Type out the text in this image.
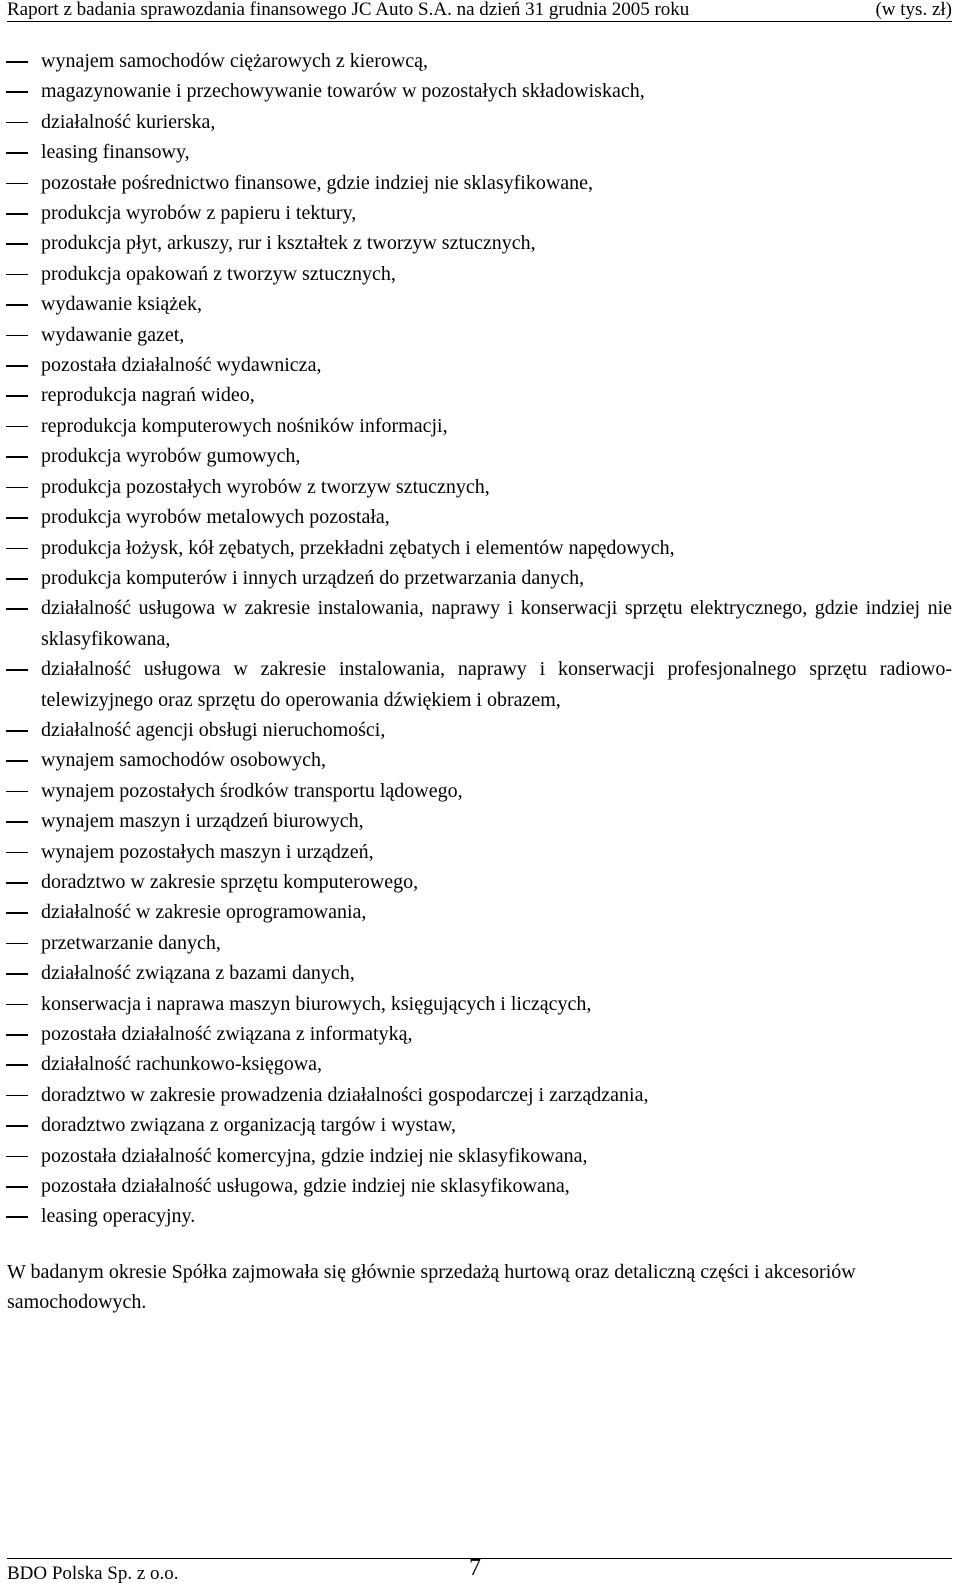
Raport z badania sprawozdania finansowego JC Auto S.A. na dzień 31 grudnia 2005 roku	(w tys. zł)
wynajem samochodów ciężarowych z kierowcą,
magazynowanie i przechowywanie towarów w pozostałych składowiskach,
działalność kurierska,
leasing finansowy,
pozostałe pośrednictwo finansowe, gdzie indziej nie sklasyfikowane,
produkcja wyrobów z papieru i tektury,
produkcja płyt, arkuszy, rur i kształtek z tworzyw sztucznych,
produkcja opakowań z tworzyw sztucznych,
wydawanie książek,
wydawanie gazet,
pozostała działalność wydawnicza,
reprodukcja nagrań wideo,
reprodukcja komputerowych nośników informacji,
produkcja wyrobów gumowych,
produkcja pozostałych wyrobów z tworzyw sztucznych,
produkcja wyrobów metalowych pozostała,
produkcja łożysk, kół zębatych, przekładni zębatych i elementów napędowych,
produkcja komputerów i innych urządzeń do przetwarzania danych,
działalność usługowa w zakresie instalowania, naprawy i konserwacji sprzętu elektrycznego, gdzie indziej nie sklasyfikowana,
działalność usługowa w zakresie instalowania, naprawy i konserwacji profesjonalnego sprzętu radiowo-telewizyjnego oraz sprzętu do operowania dźwiękiem i obrazem,
działalność agencji obsługi nieruchomości,
wynajem samochodów osobowych,
wynajem pozostałych środków transportu lądowego,
wynajem maszyn i urządzeń biurowych,
wynajem pozostałych maszyn i urządzeń,
doradztwo w zakresie sprzętu komputerowego,
działalność w zakresie oprogramowania,
przetwarzanie danych,
działalność związana z bazami danych,
konserwacja i naprawa maszyn biurowych, księgujących i liczących,
pozostała działalność związana z informatyką,
działalność rachunkowo-księgowa,
doradztwo w zakresie prowadzenia działalności gospodarczej i zarządzania,
doradztwo związana z organizacją targów i wystaw,
pozostała działalność komercyjna, gdzie indziej nie sklasyfikowana,
pozostała działalność usługowa, gdzie indziej nie sklasyfikowana,
leasing operacyjny.

W badanym okresie Spółka zajmowała się głównie sprzedażą hurtową oraz detaliczną części i akcesoriów samochodowych.

BDO Polska Sp. z o.o.	7
